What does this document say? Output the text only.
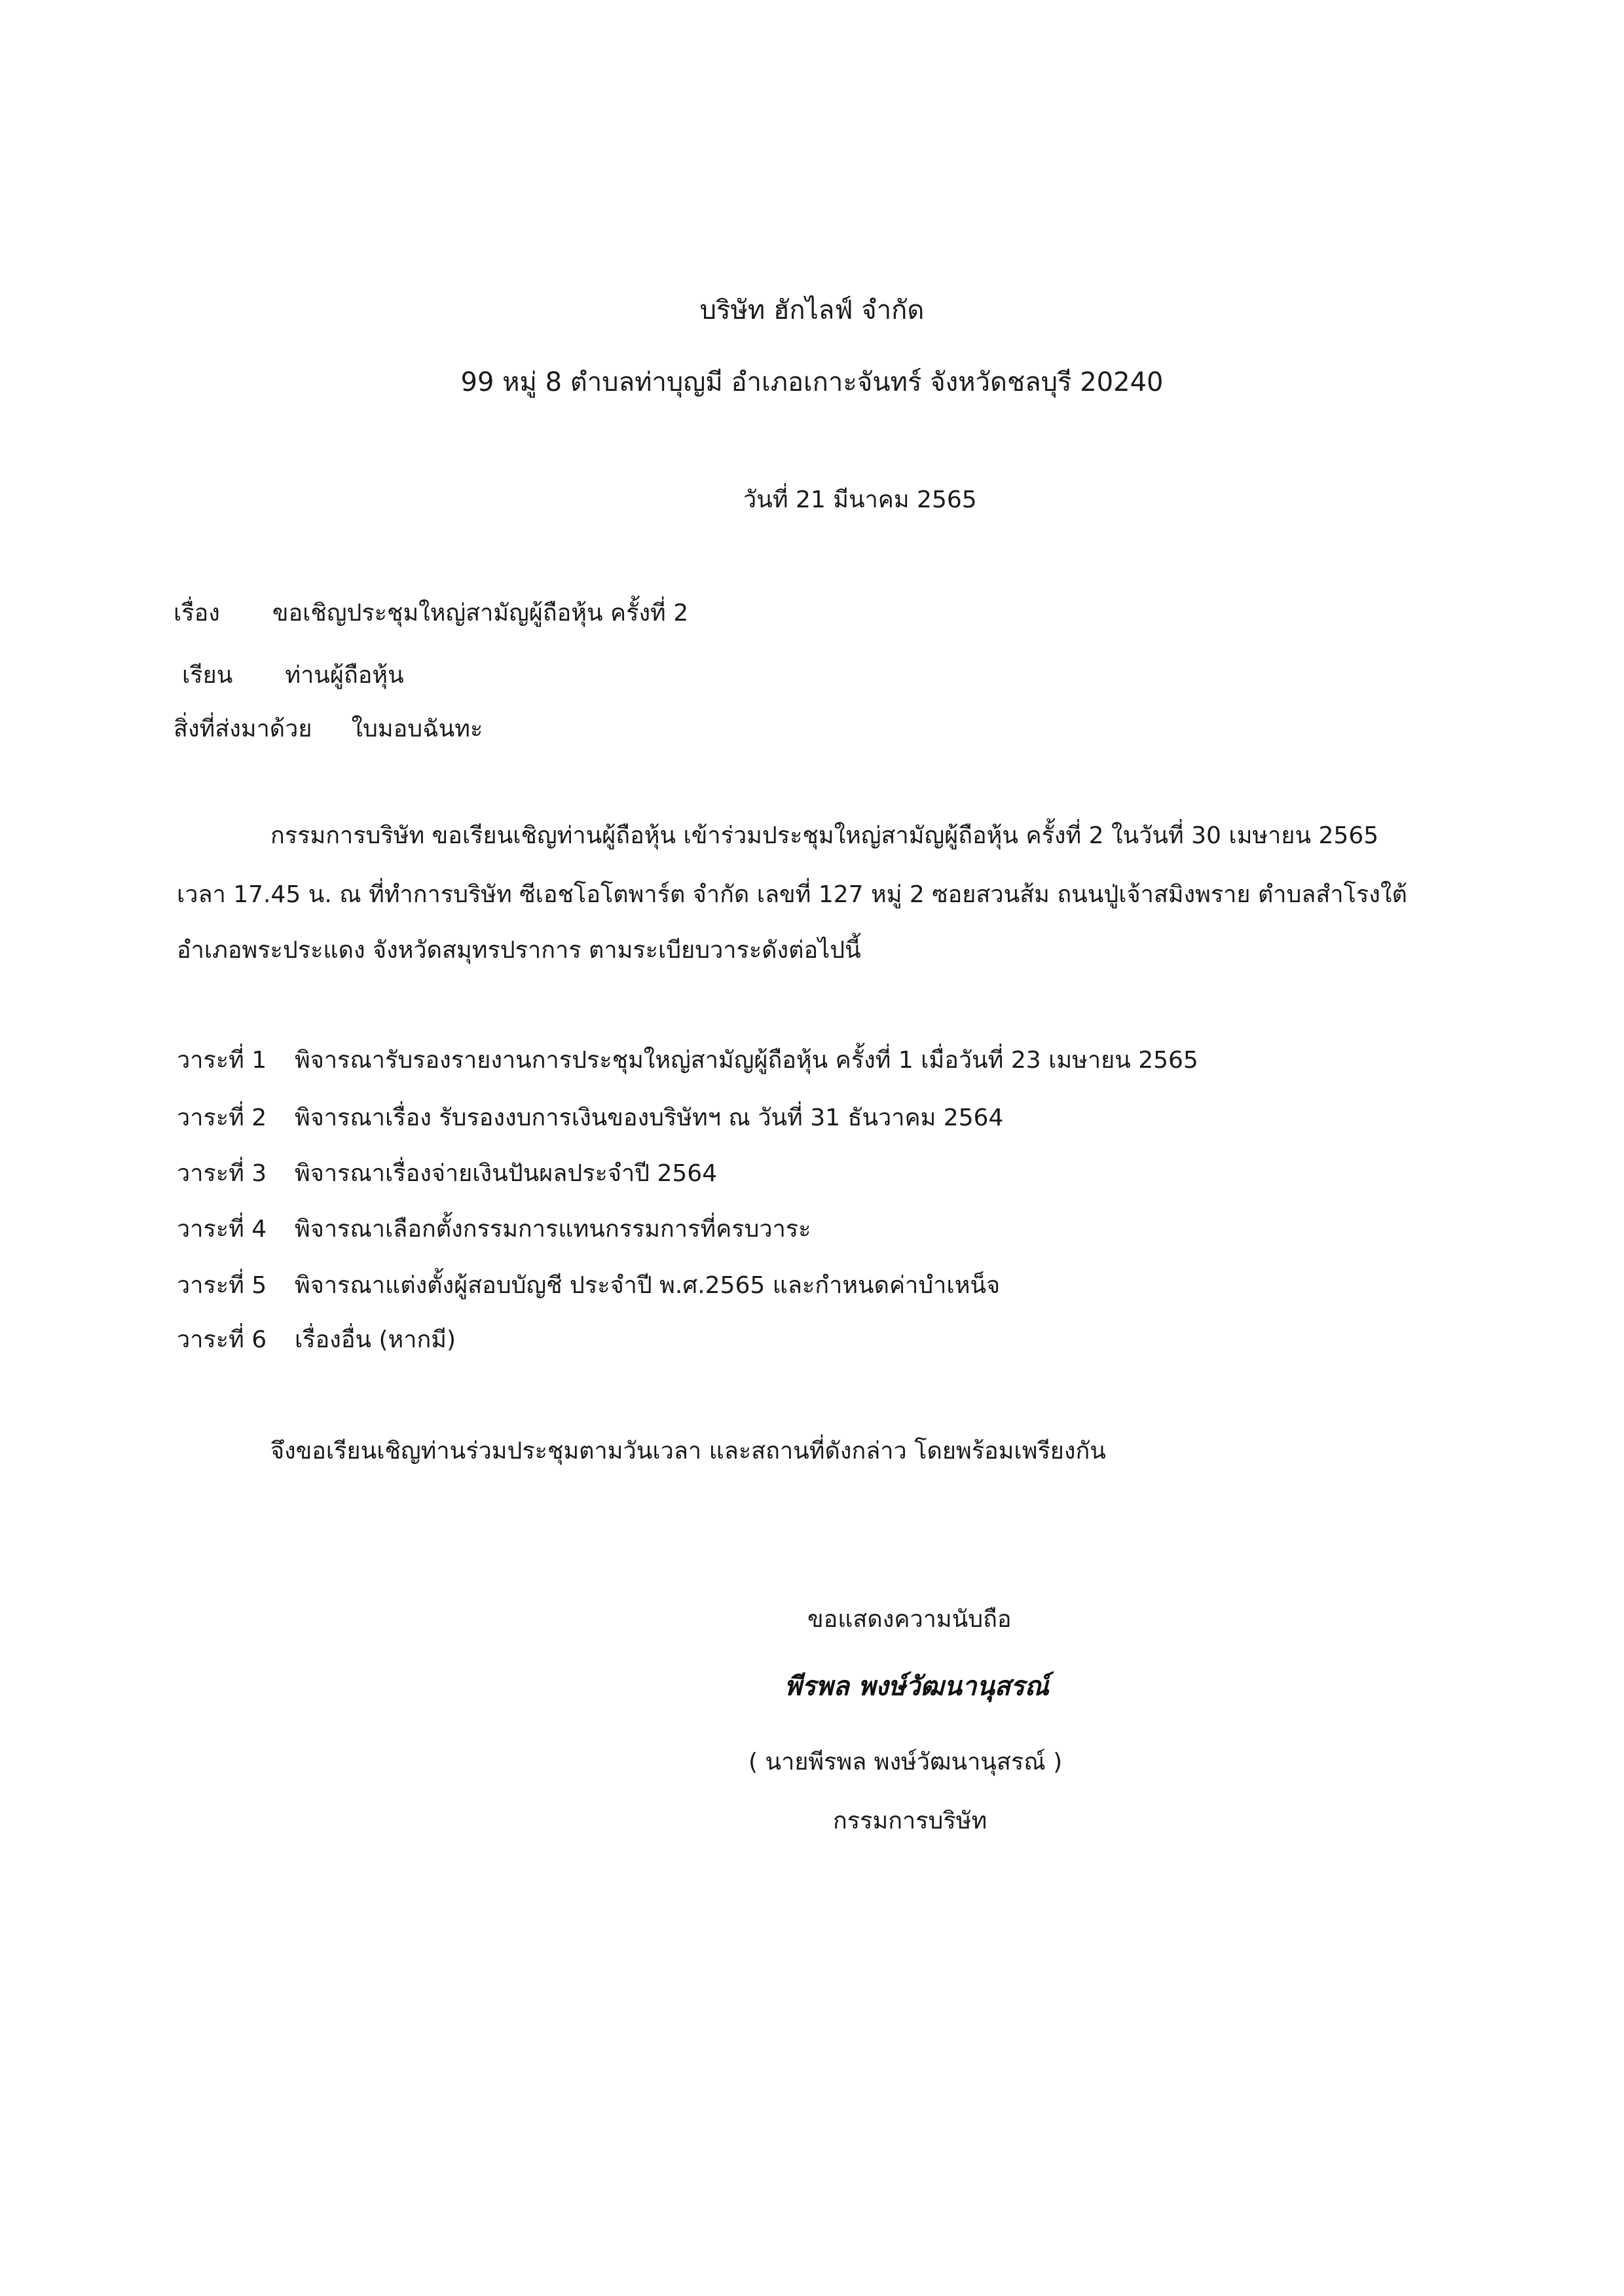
บริษัท ฮักไลฟ์ จำกัด
99 หมู่ 8 ตำบลท่าบุญมี อำเภอเกาะจันทร์ จังหวัดชลบุรี 20240
วันที่ 21 มีนาคม 2565
เรื่อง ขอเชิญประชุมใหญ่สามัญผู้ถือหุ้น ครั้งที่ 2
เรียน ท่านผู้ถือหุ้น
สิ่งที่ส่งมาด้วย ใบมอบฉันทะ
กรรมการบริษัท ขอเรียนเชิญท่านผู้ถือหุ้น เข้าร่วมประชุมใหญ่สามัญผู้ถือหุ้น ครั้งที่ 2 ในวันที่ 30 เมษายน 2565
เวลา 17.45 น. ณ ที่ทำการบริษัท ซีเอชโอโตพาร์ต จำกัด เลขที่ 127 หมู่ 2 ซอยสวนส้ม ถนนปู่เจ้าสมิงพราย ตำบลสำโรงใต้
อำเภอพระประแดง จังหวัดสมุทรปราการ ตามระเบียบวาระดังต่อไปนี้
วาระที่ 1 พิจารณารับรองรายงานการประชุมใหญ่สามัญผู้ถือหุ้น ครั้งที่ 1 เมื่อวันที่ 23 เมษายน 2565
วาระที่ 2 พิจารณาเรื่อง รับรองงบการเงินของบริษัทฯ ณ วันที่ 31 ธันวาคม 2564
วาระที่ 3 พิจารณาเรื่องจ่ายเงินปันผลประจำปี 2564
วาระที่ 4 พิจารณาเลือกตั้งกรรมการแทนกรรมการที่ครบวาระ
วาระที่ 5 พิจารณาแต่งตั้งผู้สอบบัญชี ประจำปี พ.ศ.2565 และกำหนดค่าบำเหน็จ
วาระที่ 6 เรื่องอื่น (หากมี)
จึงขอเรียนเชิญท่านร่วมประชุมตามวันเวลา และสถานที่ดังกล่าว โดยพร้อมเพรียงกัน
ขอแสดงความนับถือ
พีรพล พงษ์วัฒนานุสรณ์
( นายพีรพล พงษ์วัฒนานุสรณ์ )
กรรมการบริษัท
